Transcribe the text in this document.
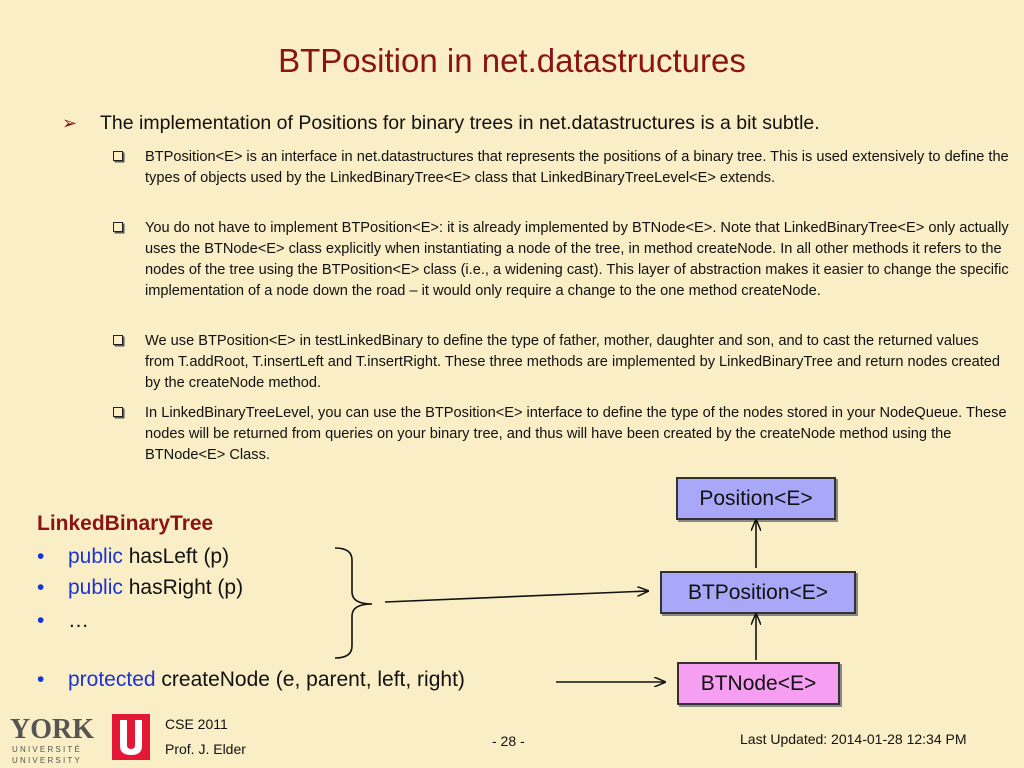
BTPosition in net.datastructures
➢ The implementation of Positions for binary trees in net.datastructures is a bit subtle.
BTPosition<E> is an interface in net.datastructures that represents the positions of a binary tree. This is used extensively to define the types of objects used by the LinkedBinaryTree<E> class that LinkedBinaryTreeLevel<E> extends.
You do not have to implement BTPosition<E>: it is already implemented by BTNode<E>. Note that LinkedBinaryTree<E> only actually uses the BTNode<E> class explicitly when instantiating a node of the tree, in method createNode. In all other methods it refers to the nodes of the tree using the BTPosition<E> class (i.e., a widening cast). This layer of abstraction makes it easier to change the specific implementation of a node down the road – it would only require a change to the one method createNode.
We use BTPosition<E> in testLinkedBinary to define the type of father, mother, daughter and son, and to cast the returned values from T.addRoot, T.insertLeft and T.insertRight. These three methods are implemented by LinkedBinaryTree and return nodes created by the createNode method.
In LinkedBinaryTreeLevel, you can use the BTPosition<E> interface to define the type of the nodes stored in your NodeQueue. These nodes will be returned from queries on your binary tree, and thus will have been created by the createNode method using the BTNode<E> Class.
LinkedBinaryTree
• public hasLeft (p)
• public hasRight (p)
• …
• protected createNode (e, parent, left, right)
Position<E>
BTPosition<E>
BTNode<E>
YORK
UNIVERSITÉ
UNIVERSITY
CSE 2011
Prof. J. Elder	- 28 -	Last Updated: 2014-01-28 12:34 PM
